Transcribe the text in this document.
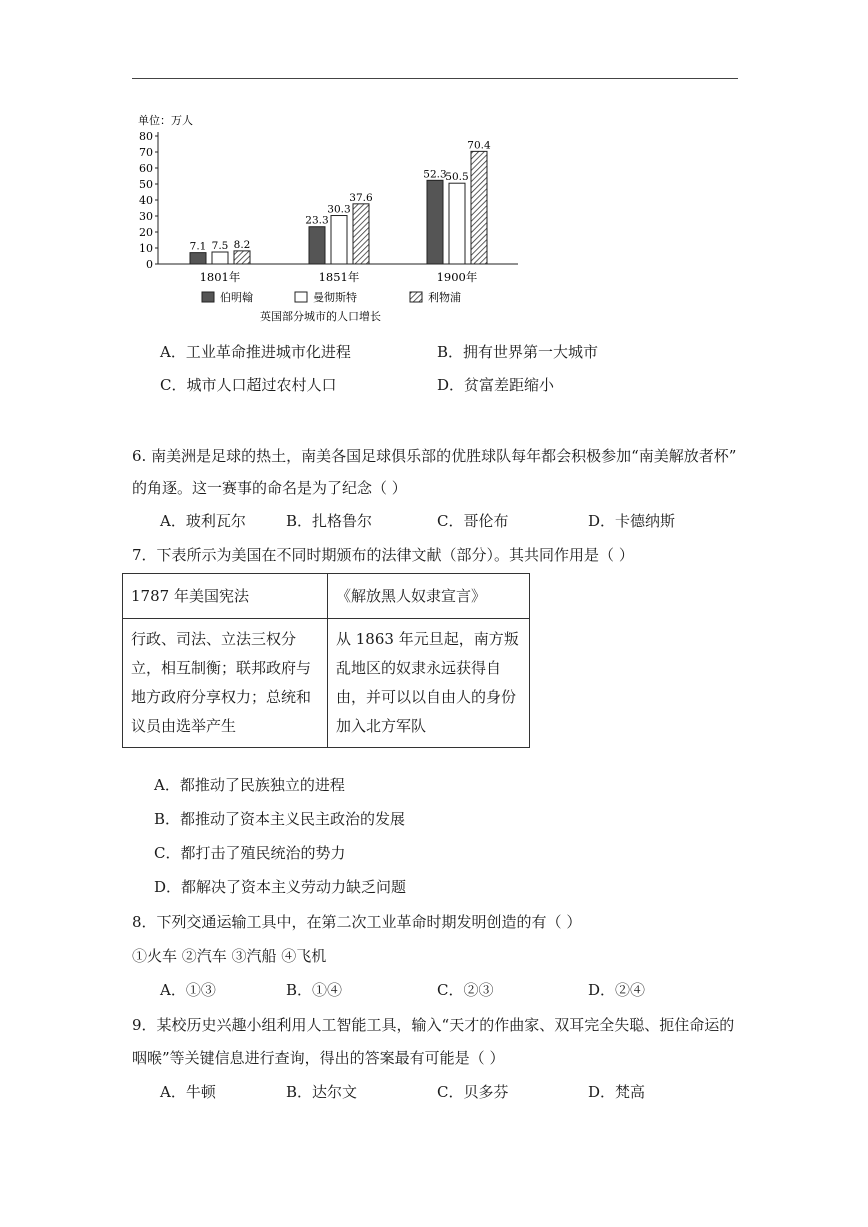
单位：万人
80
70
60
50
40
30
20
10
0
7.1 7.5 8.2
1801年
23.3
30.3
37.6
1851年
52.3
50.5
70.4
1900年
伯明翰	曼彻斯特	利物浦
英国部分城市的人口增长
A．工业革命推进城市化进程	B．拥有世界第一大城市
C．城市人口超过农村人口	D．贫富差距缩小
6. 南美洲是足球的热土，南美各国足球俱乐部的优胜球队每年都会积极参加“南美解放者杯”
的角逐。这一赛事的命名是为了纪念（ ）
A．玻利瓦尔	B．扎格鲁尔	C．哥伦布	D．卡德纳斯
7．下表所示为美国在不同时期颁布的法律文献（部分）。其共同作用是（ ）
1787 年美国宪法	《解放黑人奴隶宣言》
行政、司法、立法三权分立，相互制衡；联邦政府与地方政府分享权力；总统和议员由选举产生	从 1863 年元旦起，南方叛乱地区的奴隶永远获得自由，并可以以自由人的身份加入北方军队
A．都推动了民族独立的进程
B．都推动了资本主义民主政治的发展
C．都打击了殖民统治的势力
D．都解决了资本主义劳动力缺乏问题
8．下列交通运输工具中，在第二次工业革命时期发明创造的有（ ）
①火车 ②汽车 ③汽船 ④飞机
A．①③	B．①④	C．②③	D．②④
9．某校历史兴趣小组利用人工智能工具，输入“天才的作曲家、双耳完全失聪、扼住命运的
咽喉”等关键信息进行查询，得出的答案最有可能是（ ）
A．牛顿	B．达尔文	C．贝多芬	D．梵高
